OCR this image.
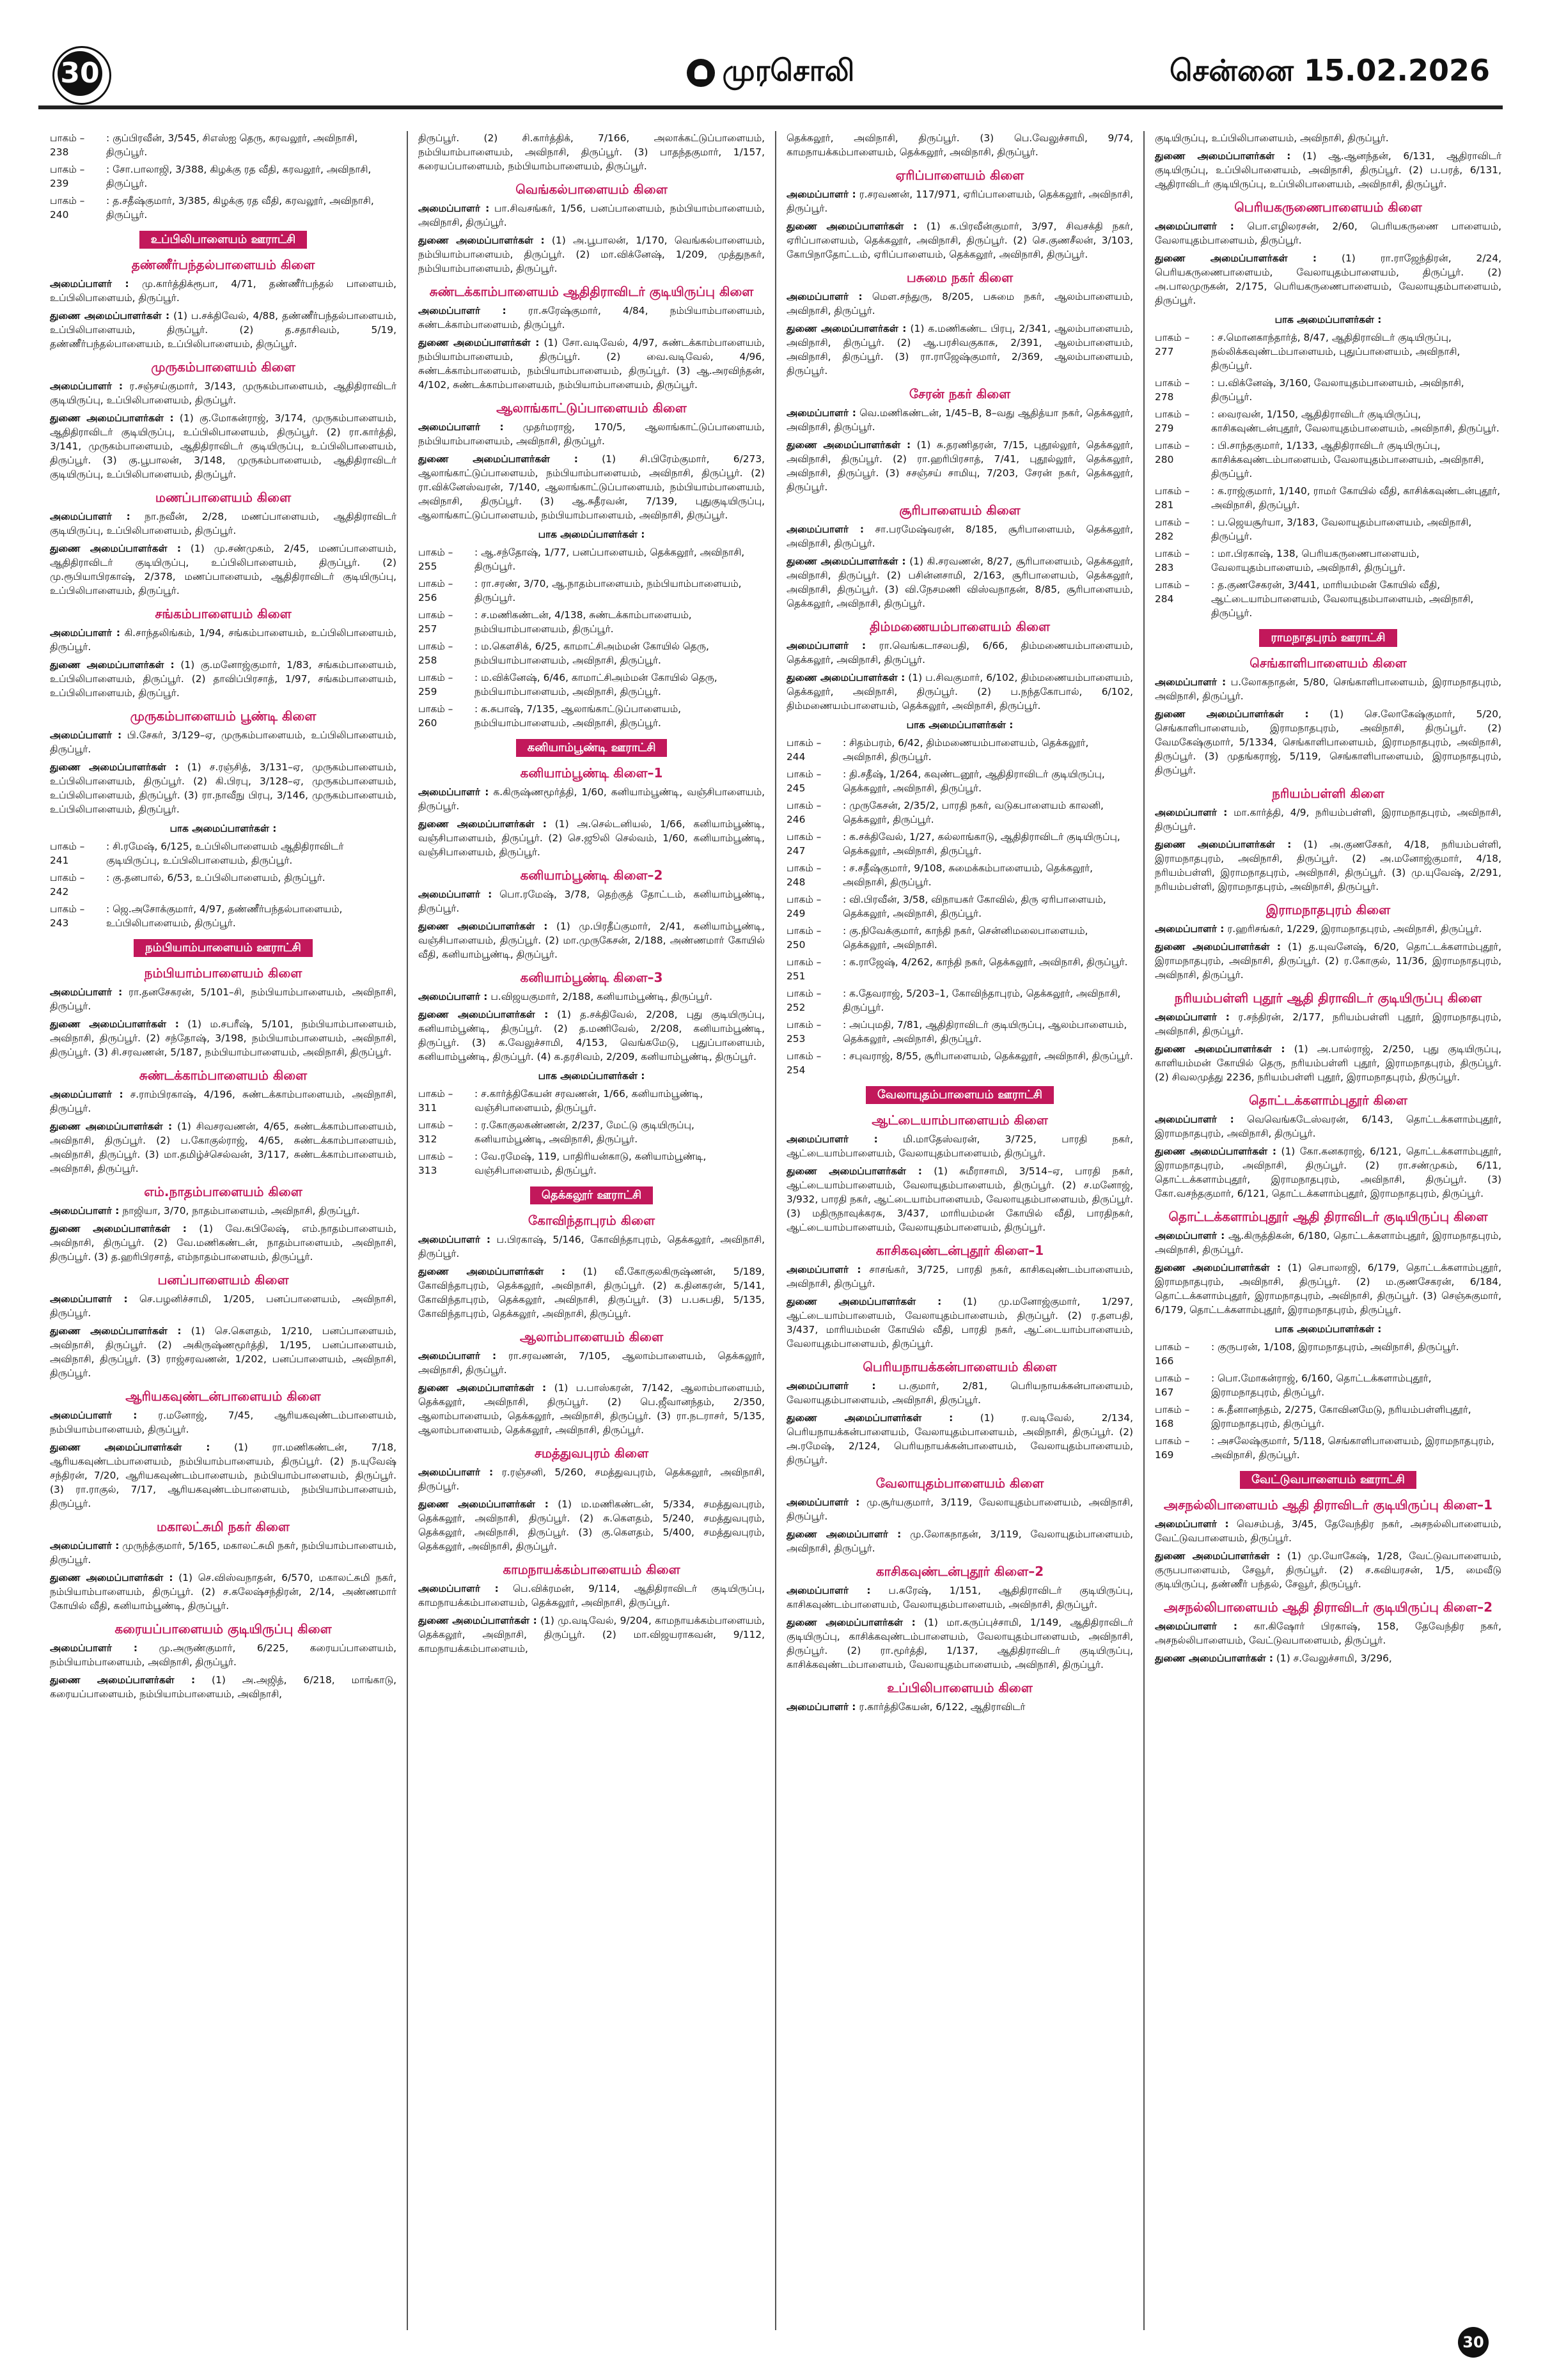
30	முரசொலி	சென்னை 15.02.2026
பாகம் – 238
: குப்பிரவீன், 3/545, சிஎஸ்ஐ தெரு, கரவலூர், அவிநாசி, திருப்பூர்.
பாகம் – 239
: சோ.பாலாஜி, 3/388, கிழக்கு ரத வீதி, கரவலூர், அவிநாசி, திருப்பூர்.
பாகம் – 240
: த.சதீஷ்குமார், 3/385, கிழக்கு ரத வீதி, கரவலூர், அவிநாசி, திருப்பூர்.
உப்பிலிபாளையம் ஊராட்சி
தண்ணீர்பந்தல்பாளையம் கிளை
அமைப்பாளர் : மு.கார்த்திக்ரூபா, 4/71, தண்ணீர்பந்தல் பாளையம், உப்பிலிபாளையம், திருப்பூர்.
துணை அமைப்பாளர்கள் : (1) ப.சக்திவேல், 4/88, தண்ணீர்பந்தல்பாளையம், உப்பிலிபாளையம், திருப்பூர். (2) த.சதாசிவம், 5/19, தண்ணீர்பந்தல்பாளையம், உப்பிலிபாளையம், திருப்பூர்.
முருகம்பாளையம் கிளை
அமைப்பாளர் : ர.சஞ்சய்குமார், 3/143, முருகம்பாளையம், ஆதிதிராவிடர் குடியிருப்பு, உப்பிலிபாளையம், திருப்பூர்.
துணை அமைப்பாளர்கள் : (1) கு.மோகன்ராஜ், 3/174, முருகம்பாளையம், ஆதிதிராவிடர் குடியிருப்பு, உப்பிலிபாளையம், திருப்பூர். (2) ரா.கார்த்தி, 3/141, முருகம்பாளையம், ஆதிதிராவிடர் குடியிருப்பு, உப்பிலிபாளையம், திருப்பூர். (3) கு.பூபாலன், 3/148, முருகம்பாளையம், ஆதிதிராவிடர் குடியிருப்பு, உப்பிலிபாளையம், திருப்பூர்.
மணப்பாளையம் கிளை
அமைப்பாளர் : நா.நவீன், 2/28, மணப்பாளையம், ஆதிதிராவிடர் குடியிருப்பு, உப்பிலிபாளையம், திருப்பூர்.
துணை அமைப்பாளர்கள் : (1) மு.சண்முகம், 2/45, மணப்பாளையம், ஆதிதிராவிடர் குடியிருப்பு, உப்பிலிபாளையம், திருப்பூர். (2) மு.ரூபியாபிரகாஷ், 2/378, மணப்பாளையம், ஆதிதிராவிடர் குடியிருப்பு, உப்பிலிபாளையம், திருப்பூர்.
சங்கம்பாளையம் கிளை
அமைப்பாளர் : கி.சாந்தலிங்கம், 1/94, சங்கம்பாளையம், உப்பிலிபாளையம், திருப்பூர்.
துணை அமைப்பாளர்கள் : (1) கு.மனோஜ்குமார், 1/83, சங்கம்பாளையம், உப்பிலிபாளையம், திருப்பூர். (2) தாவிப்பிரசாத், 1/97, சங்கம்பாளையம், உப்பிலிபாளையம், திருப்பூர்.
முருகம்பாளையம் பூண்டி கிளை
அமைப்பாளர் : பி.சேகர், 3/129–ஏ, முருகம்பாளையம், உப்பிலிபாளையம், திருப்பூர்.
துணை அமைப்பாளர்கள் : (1) ச.ரஞ்சித், 3/131–ஏ, முருகம்பாளையம், உப்பிலிபாளையம், திருப்பூர். (2) கி.பிரபு, 3/128–ஏ, முருகம்பாளையம், உப்பிலிபாளையம், திருப்பூர். (3) ரா.நாவீநு பிரபு, 3/146, முருகம்பாளையம், உப்பிலிபாளையம், திருப்பூர்.
பாக அமைப்பாளர்கள் :
பாகம் – 241
: சி.ரமேஷ், 6/125, உப்பிலிபாளையம் ஆதிதிராவிடர் குடியிருப்பு, உப்பிலிபாளையம், திருப்பூர்.
பாகம் – 242
: கு.தனபால், 6/53, உப்பிலிபாளையம், திருப்பூர்.
பாகம் – 243
: ஜெ.அசோக்குமார், 4/97, தண்ணீர்பந்தல்பாளையம், உப்பிலிபாளையம், திருப்பூர்.
நம்பியாம்பாளையம் ஊராட்சி
நம்பியாம்பாளையம் கிளை
அமைப்பாளர் : ரா.தனசேகரன், 5/101–சி, நம்பியாம்பாளையம், அவிநாசி, திருப்பூர்.
துணை அமைப்பாளர்கள் : (1) ம.சபரீஷ், 5/101, நம்பியாம்பாளையம், அவிநாசி, திருப்பூர். (2) சந்தோஷ், 3/198, நம்பியாம்பாளையம், அவிநாசி, திருப்பூர். (3) சி.சரவணன், 5/187, நம்பியாம்பாளையம், அவிநாசி, திருப்பூர்.
சுண்டக்காம்பாளையம் கிளை
அமைப்பாளர் : ச.ராம்பிரகாஷ், 4/196, சுண்டக்காம்பாளையம், அவிநாசி, திருப்பூர்.
துணை அமைப்பாளர்கள் : (1) சிவசரவணன், 4/65, சுண்டக்காம்பாளையம், அவிநாசி, திருப்பூர். (2) ப.கோகுல்ராஜ், 4/65, சுண்டக்காம்பாளையம், அவிநாசி, திருப்பூர். (3) மா.தமிழ்ச்செல்வன், 3/117, சுண்டக்காம்பாளையம், அவிநாசி, திருப்பூர்.
எம்.நாதம்பாளையம் கிளை
அமைப்பாளர் : நாஜியா, 3/70, நாதம்பாளையம், அவிநாசி, திருப்பூர்.
துணை அமைப்பாளர்கள் : (1) வே.கபிலேஷ், எம்.நாதம்பாளையம், அவிநாசி, திருப்பூர். (2) வே.மணிகண்டன், நாதம்பாளையம், அவிநாசி, திருப்பூர். (3) த.ஹரிபிரசாத், எம்நாதம்பாளையம், திருப்பூர்.
பனப்பாளையம் கிளை
அமைப்பாளர் : செ.பழனிச்சாமி, 1/205, பனப்பாளையம், அவிநாசி, திருப்பூர்.
துணை அமைப்பாளர்கள் : (1) செ.கௌதம், 1/210, பனப்பாளையம், அவிநாசி, திருப்பூர். (2) அகிருஷ்ணமூர்த்தி, 1/195, பனப்பாளையம், அவிநாசி, திருப்பூர். (3) ராஜ்சரவணன், 1/202, பனப்பாளையம், அவிநாசி, திருப்பூர்.
ஆரியகவுண்டன்பாளையம் கிளை
அமைப்பாளர் : ர.மனோஜ், 7/45, ஆரியகவுண்டம்பாளையம், நம்பியாம்பாளையம், திருப்பூர்.
துணை அமைப்பாளர்கள் : (1) ரா.மணிகண்டன், 7/18, ஆரியகவுண்டம்பாளையம், நம்பியாம்பாளையம், திருப்பூர். (2) ந.யுவேஷ் சந்திரன், 7/20, ஆரியகவுண்டம்பாளையம், நம்பியாம்பாளையம், திருப்பூர். (3) ரா.ராகுல், 7/17, ஆரியகவுண்டம்பாளையம், நம்பியாம்பாளையம், திருப்பூர்.
மகாலட்சுமி நகர் கிளை
அமைப்பாளர் : முருந்த்குமார், 5/165, மகாலட்சுமி நகர், நம்பியாம்பாளையம், திருப்பூர்.
துணை அமைப்பாளர்கள் : (1) செ.விஸ்வநாதன், 6/570, மகாலட்சுமி நகர், நம்பியாம்பாளையம், திருப்பூர். (2) ச.கலேஷ்சந்திரன், 2/14, அண்ணமார் கோயில் வீதி, கனியாம்பூண்டி, திருப்பூர்.
கரையப்பாளையம் குடியிருப்பு கிளை
அமைப்பாளர் : மு.அருண்குமார், 6/225, கரையப்பாளையம், நம்பியாம்பாளையம், அவிநாசி, திருப்பூர்.
துணை அமைப்பாளர்கள் : (1) அ.அஜித், 6/218, மாங்காடு, கரையப்பாளையம், நம்பியாம்பாளையம், அவிநாசி,
திருப்பூர். (2) சி.கார்த்திக், 7/166, அலாக்கட்டுப்பாளையம், நம்பியாம்பாளையம், அவிநாசி, திருப்பூர். (3) பாதந்தகுமார், 1/157, கரையப்பாளையம், நம்பியாம்பாளையம், திருப்பூர்.
வெங்கல்பாளையம் கிளை
அமைப்பாளர் : பா.சிவசங்கர், 1/56, பனப்பாளையம், நம்பியாம்பாளையம், அவிநாசி, திருப்பூர்.
துணை அமைப்பாளர்கள் : (1) அ.பூபாலன், 1/170, வெங்கல்பாளையம், நம்பியாம்பாளையம், திருப்பூர். (2) மா.விக்னேஷ், 1/209, முத்துநகர், நம்பியாம்பாளையம், திருப்பூர்.
சுண்டக்காம்பாளையம் ஆதிதிராவிடர் குடியிருப்பு கிளை
அமைப்பாளர் : ரா.சுரேஷ்குமார், 4/84, நம்பியாம்பாளையம், சுண்டக்காம்பாளையம், திருப்பூர்.
துணை அமைப்பாளர்கள் : (1) சோ.வடிவேல், 4/97, சுண்டக்காம்பாளையம், நம்பியாம்பாளையம், திருப்பூர். (2) வை.வடிவேல், 4/96, சுண்டக்காம்பாளையம், நம்பியாம்பாளையம், திருப்பூர். (3) ஆ.அரவிந்தன், 4/102, சுண்டக்காம்பாளையம், நம்பியாம்பாளையம், திருப்பூர்.
ஆலாங்காட்டுப்பாளையம் கிளை
அமைப்பாளர் : முதர்மராஜ், 170/5, ஆலாங்காட்டுப்பாளையம், நம்பியாம்பாளையம், அவிநாசி, திருப்பூர்.
துணை அமைப்பாளர்கள் : (1) சி.பிரேம்குமார், 6/273, ஆலாங்காட்டுப்பாளையம், நம்பியாம்பாளையம், அவிநாசி, திருப்பூர். (2) ரா.விக்னேஸ்வரன், 7/140, ஆலாங்காட்டுப்பாளையம், நம்பியாம்பாளையம், அவிநாசி, திருப்பூர். (3) ஆ.சுதீரவன், 7/139, புதுகுடியிருப்பு, ஆலாங்காட்டுப்பாளையம், நம்பியாம்பாளையம், அவிநாசி, திருப்பூர்.
பாக அமைப்பாளர்கள் :
பாகம் – 255
: ஆ.சந்தோஷ், 1/77, பனப்பாளையம், தெக்கலூர், அவிநாசி, திருப்பூர்.
பாகம் – 256
: ரா.சரண், 3/70, ஆ.நாதம்பாளையம், நம்பியாம்பாளையம், திருப்பூர்.
பாகம் – 257
: ச.மணிகண்டன், 4/138, சுண்டக்காம்பாளையம், நம்பியாம்பாளையம், திருப்பூர்.
பாகம் – 258
: ம.கௌசிக், 6/25, காமாட்சிஅம்மன் கோயில் தெரு, நம்பியாம்பாளையம், அவிநாசி, திருப்பூர்.
பாகம் – 259
: ம.விக்னேஷ், 6/46, காமாட்சிஅம்மன் கோயில் தெரு, நம்பியாம்பாளையம், அவிநாசி, திருப்பூர்.
பாகம் – 260
: க.சுபாஷ், 7/135, ஆலாங்காட்டுப்பாளையம், நம்பியாம்பாளையம், அவிநாசி, திருப்பூர்.
கனியாம்பூண்டி ஊராட்சி
கனியாம்பூண்டி கிளை–1
அமைப்பாளர் : க.கிருஷ்ணமூர்த்தி, 1/60, கனியாம்பூண்டி, வஞ்சிபாளையம், திருப்பூர்.
துணை அமைப்பாளர்கள் : (1) அ.செல்டனியல், 1/66, கனியாம்பூண்டி, வஞ்சிபாளையம், திருப்பூர். (2) செ.ஜூலி செல்வம், 1/60, கனியாம்பூண்டி, வஞ்சிபாளையம், திருப்பூர்.
கனியாம்பூண்டி கிளை–2
அமைப்பாளர் : பொ.ரமேஷ், 3/78, தெற்குத் தோட்டம், கனியாம்பூண்டி, திருப்பூர்.
துணை அமைப்பாளர்கள் : (1) மு.பிரதீப்குமார், 2/41, கனியாம்பூண்டி, வஞ்சிபாளையம், திருப்பூர். (2) மா.முருகேசன், 2/188, அண்ணமார் கோயில் வீதி, கனியாம்பூண்டி, திருப்பூர்.
கனியாம்பூண்டி கிளை–3
அமைப்பாளர் : ப.விஜயகுமார், 2/188, கனியாம்பூண்டி, திருப்பூர்.
துணை அமைப்பாளர்கள் : (1) த.சக்திவேல், 2/208, புது குடியிருப்பு, கனியாம்பூண்டி, திருப்பூர். (2) த.மணிவேல், 2/208, கனியாம்பூண்டி, திருப்பூர். (3) க.வேலுச்சாமி, 4/153, வெங்கமேடு, புதுப்பாளையம், கனியாம்பூண்டி, திருப்பூர். (4) க.தரசிவம், 2/209, கனியாம்பூண்டி, திருப்பூர்.
பாக அமைப்பாளர்கள் :
பாகம் – 311
: ச.கார்த்திகேயன் சரவணன், 1/66, கனியாம்பூண்டி, வஞ்சிபாளையம், திருப்பூர்.
பாகம் – 312
: ர.கோகுலகண்ணன், 2/237, மேட்டு குடியிருப்பு, கனியாம்பூண்டி, அவிநாசி, திருப்பூர்.
பாகம் – 313
: வே.ரமேஷ், 119, பாதிரியன்காடு, கனியாம்பூண்டி, வஞ்சிபாளையம், திருப்பூர்.
தெக்கலூர் ஊராட்சி
கோவிந்தாபுரம் கிளை
அமைப்பாளர் : ப.பிரகாஷ், 5/146, கோவிந்தாபுரம், தெக்கலூர், அவிநாசி, திருப்பூர்.
துணை அமைப்பாளர்கள் : (1) வீ.கோகுலகிருஷ்ணன், 5/189, கோவிந்தாபுரம், தெக்கலூர், அவிநாசி, திருப்பூர். (2) க.தினகரன், 5/141, கோவிந்தாபுரம், தெக்கலூர், அவிநாசி, திருப்பூர். (3) ப.பசுபதி, 5/135, கோவிந்தாபுரம், தெக்கலூர், அவிநாசி, திருப்பூர்.
ஆலாம்பாளையம் கிளை
அமைப்பாளர் : ரா.சரவணன், 7/105, ஆலாம்பாளையம், தெக்கலூர், அவிநாசி, திருப்பூர்.
துணை அமைப்பாளர்கள் : (1) ப.பாஸ்கரன், 7/142, ஆலாம்பாளையம், தெக்கலூர், அவிநாசி, திருப்பூர். (2) பெ.ஜீவானந்தம், 2/350, ஆலாம்பாளையம், தெக்கலூர், அவிநாசி, திருப்பூர். (3) ரா.நடராசர், 5/135, ஆலாம்பாளையம், தெக்கலூர், அவிநாசி, திருப்பூர்.
சமத்துவபுரம் கிளை
அமைப்பாளர் : ர.ரஞ்சனி, 5/260, சமத்துவபுரம், தெக்கலூர், அவிநாசி, திருப்பூர்.
துணை அமைப்பாளர்கள் : (1) ம.மணிகண்டன், 5/334, சமத்துவபுரம், தெக்கலூர், அவிநாசி, திருப்பூர். (2) சு.கௌதம், 5/240, சமத்துவபுரம், தெக்கலூர், அவிநாசி, திருப்பூர். (3) கு.கௌதம், 5/400, சமத்துவபுரம், தெக்கலூர், அவிநாசி, திருப்பூர்.
காமநாயக்கம்பாளையம் கிளை
அமைப்பாளர் : பெ.விக்ரமன், 9/114, ஆதிதிராவிடர் குடியிருப்பு, காமநாயக்கம்பாளையம், தெக்கலூர், அவிநாசி, திருப்பூர்.
துணை அமைப்பாளர்கள் : (1) மு.வடிவேல், 9/204, காமநாயக்கம்பாளையம், தெக்கலூர், அவிநாசி, திருப்பூர். (2) மா.விஜயராகவன், 9/112, காமநாயக்கம்பாளையம்,
தெக்கலூர், அவிநாசி, திருப்பூர். (3) பெ.வேலுச்சாமி, 9/74, காமநாயக்கம்பாளையம், தெக்கலூர், அவிநாசி, திருப்பூர்.
ஏரிப்பாளையம் கிளை
அமைப்பாளர் : ர.சரவணன், 117/971, ஏரிப்பாளையம், தெக்கலூர், அவிநாசி, திருப்பூர்.
துணை அமைப்பாளர்கள் : (1) க.பிரவீன்குமார், 3/97, சிவசக்தி நகர், ஏரிப்பாளையம், தெக்கலூர், அவிநாசி, திருப்பூர். (2) செ.குணசீலன், 3/103, கோபிநாதோட்டம், ஏரிப்பாளையம், தெக்கலூர், அவிநாசி, திருப்பூர்.
பசுமை நகர் கிளை
அமைப்பாளர் : மௌ.சந்துரு, 8/205, பசுமை நகர், ஆலம்பாளையம், அவிநாசி, திருப்பூர்.
துணை அமைப்பாளர்கள் : (1) க.மணிகண்ட பிரபு, 2/341, ஆலம்பாளையம், அவிநாசி, திருப்பூர். (2) ஆ.பரசிவகுகாசு, 2/391, ஆலம்பாளையம், அவிநாசி, திருப்பூர். (3) ரா.ராஜேஷ்குமார், 2/369, ஆலம்பாளையம், திருப்பூர்.
சேரன் நகர் கிளை
அமைப்பாளர் : வெ.மணிகண்டன், 1/45–B, 8–வது ஆதித்யா நகர், தெக்கலூர், அவிநாசி, திருப்பூர்.
துணை அமைப்பாளர்கள் : (1) சு.தரணிதரன், 7/15, புதூல்லூர், தெக்கலூர், அவிநாசி, திருப்பூர். (2) ரா.ஹரிபிரசாத், 7/41, புதூல்லூர், தெக்கலூர், அவிநாசி, திருப்பூர். (3) சசஞ்சய் சாமியு, 7/203, சேரன் நகர், தெக்கலூர், திருப்பூர்.
சூரிபாளையம் கிளை
அமைப்பாளர் : சா.பரமேஷ்வரன், 8/185, சூரிபாளையம், தெக்கலூர், அவிநாசி, திருப்பூர்.
துணை அமைப்பாளர்கள் : (1) கி.சரவணன், 8/27, சூரிபாளையம், தெக்கலூர், அவிநாசி, திருப்பூர். (2) பசின்னசாமி, 2/163, சூரிபாளையம், தெக்கலூர், அவிநாசி, திருப்பூர். (3) வி.நேசமணி விஸ்வநாதன், 8/85, சூரிபாளையம், தெக்கலூர், அவிநாசி, திருப்பூர்.
திம்மணையம்பாளையம் கிளை
அமைப்பாளர் : ரா.வெங்கடாசலபதி, 6/66, திம்மணையம்பாளையம், தெக்கலூர், அவிநாசி, திருப்பூர்.
துணை அமைப்பாளர்கள் : (1) ப.சிவகுமார், 6/102, திம்மணையம்பாளையம், தெக்கலூர், அவிநாசி, திருப்பூர். (2) ப.நந்தகோபால், 6/102, திம்மணையம்பாளையம், தெக்கலூர், அவிநாசி, திருப்பூர்.
பாக அமைப்பாளர்கள் :
பாகம் – 244
: சிதம்பரம், 6/42, திம்மணையம்பாளையம், தெக்கலூர், அவிநாசி, திருப்பூர்.
பாகம் – 245
: தி.சதீஷ், 1/264, கவுண்டனூர், ஆதிதிராவிடர் குடியிருப்பு, தெக்கலூர், அவிநாசி, திருப்பூர்.
பாகம் – 246
: முருகேசன், 2/35/2, பாரதி நகர், வடுகபாளையம் காலனி, தெக்கலூர், திருப்பூர்.
பாகம் – 247
: க.சக்திவேல், 1/27, கல்லாங்காடு, ஆதிதிராவிடர் குடியிருப்பு, தெக்கலூர், அவிநாசி, திருப்பூர்.
பாகம் – 248
: ச.சதீஷ்குமார், 9/108, சுமைக்கம்பாளையம், தெக்கலூர், அவிநாசி, திருப்பூர்.
பாகம் – 249
: வி.பிரவீன், 3/58, விநாயகர் கோவில், திரு ஏரிபாளையம், தெக்கலூர், அவிநாசி, திருப்பூர்.
பாகம் – 250
: கு.நிவேக்குமார், காந்தி நகர், சென்னிமலைபாளையம், தெக்கலூர், அவிநாசி.
பாகம் – 251
: க.ராஜேஷ், 4/262, காந்தி நகர், தெக்கலூர், அவிநாசி, திருப்பூர்.
பாகம் – 252
: க.தேவராஜ், 5/203–1, கோவிந்தாபுரம், தெக்கலூர், அவிநாசி, திருப்பூர்.
பாகம் – 253
: அப்புமதி, 7/81, ஆதிதிராவிடர் குடியிருப்பு, ஆலம்பாளையம், தெக்கலூர், அவிநாசி, திருப்பூர்.
பாகம் – 254
: சபுவராஜ், 8/55, சூரிபாளையம், தெக்கலூர், அவிநாசி, திருப்பூர்.
வேலாயுதம்பாளையம் ஊராட்சி
ஆட்டையாம்பாளையம் கிளை
அமைப்பாளர் : மி.மாதேஸ்வரன், 3/725, பாரதி நகர், ஆட்டையாம்பாளையம், வேலாயுதம்பாளையம், திருப்பூர்.
துணை அமைப்பாளர்கள் : (1) சுமீராசாமி, 3/514–ஏ, பாரதி நகர், ஆட்டையாம்பாளையம், வேலாயுதம்பாளையம், திருப்பூர். (2) ச.மனோஜ், 3/932, பாரதி நகர், ஆட்டையாம்பாளையம், வேலாயுதம்பாளையம், திருப்பூர். (3) மதிருநாவுக்கரசு, 3/437, மாரியம்மன் கோயில் வீதி, பாரதிநகர், ஆட்டையாம்பாளையம், வேலாயுதம்பாளையம், திருப்பூர்.
காசிகவுண்டன்புதூர் கிளை–1
அமைப்பாளர் : சாசங்கர், 3/725, பாரதி நகர், காசிகவுண்டம்பாளையம், அவிநாசி, திருப்பூர்.
துணை அமைப்பாளர்கள் : (1) மு.மனோஜ்குமார், 1/297, ஆட்டையாம்பாளையம், வேலாயுதம்பாளையம், திருப்பூர். (2) ர.தளபதி, 3/437, மாரியம்மன் கோயில் வீதி, பாரதி நகர், ஆட்டையாம்பாளையம், வேலாயுதம்பாளையம், திருப்பூர்.
பெரியநாயக்கன்பாளையம் கிளை
அமைப்பாளர் : ப.குமார், 2/81, பெரியநாயக்கன்பாளையம், வேலாயுதம்பாளையம், அவிநாசி, திருப்பூர்.
துணை அமைப்பாளர்கள் : (1) ர.வடிவேல், 2/134, பெரியநாயக்கன்பாளையம், வேலாயுதம்பாளையம், அவிநாசி, திருப்பூர். (2) அ.ரமேஷ், 2/124, பெரியநாயக்கன்பாளையம், வேலாயுதம்பாளையம், திருப்பூர்.
வேலாயுதம்பாளையம் கிளை
அமைப்பாளர் : மு.சூர்யகுமார், 3/119, வேலாயுதம்பாளையம், அவிநாசி, திருப்பூர்.
துணை அமைப்பாளர் : மு.லோகநாதன், 3/119, வேலாயுதம்பாளையம், அவிநாசி, திருப்பூர்.
காசிகவுண்டன்புதூர் கிளை–2
அமைப்பாளர் : ப.சுரேஷ், 1/151, ஆதிதிராவிடர் குடியிருப்பு, காசிகவுண்டம்பாளையம், வேலாயுதம்பாளையம், அவிநாசி, திருப்பூர்.
துணை அமைப்பாளர்கள் : (1) மா.கருப்புச்சாமி, 1/149, ஆதிதிராவிடர் குடியிருப்பு, காசிக்கவுண்டம்பாளையம், வேலாயுதம்பாளையம், அவிநாசி, திருப்பூர். (2) ரா.மூர்த்தி, 1/137, ஆதிதிராவிடர் குடியிருப்பு, காசிக்கவுண்டம்பாளையம், வேலாயுதம்பாளையம், அவிநாசி, திருப்பூர்.
உப்பிலிபாளையம் கிளை
அமைப்பாளர் : ர.கார்த்திகேயன், 6/122, ஆதிராவிடர்
குடியிருப்பு, உப்பிலிபாளையம், அவிநாசி, திருப்பூர்.
துணை அமைப்பாளர்கள் : (1) ஆ.ஆனந்தன், 6/131, ஆதிராவிடர் குடியிருப்பு, உப்பிலிபாளையம், அவிநாசி, திருப்பூர். (2) ப.பரத், 6/131, ஆதிராவிடர் குடியிருப்பு, உப்பிலிபாளையம், அவிநாசி, திருப்பூர்.
பெரியகருணைபாளையம் கிளை
அமைப்பாளர் : பொ.எழிலரசன், 2/60, பெரியகருணை பாளையம், வேலாயுதம்பாளையம், திருப்பூர்.
துணை அமைப்பாளர்கள் : (1) ரா.ராஜேந்திரன், 2/24, பெரியகருணைபாளையம், வேலாயுதம்பாளையம், திருப்பூர். (2) அ.பாலமுருகன், 2/175, பெரியகருணைபாளையம், வேலாயுதம்பாளையம், திருப்பூர்.
பாக அமைப்பாளர்கள் :
பாகம் – 277
: ச.மொனகாந்தார்த், 8/47, ஆதிதிராவிடர் குடியிருப்பு, நல்லிக்கவுண்டம்பாளையம், புதுப்பாளையம், அவிநாசி, திருப்பூர்.
பாகம் – 278
: ப.விக்னேஷ், 3/160, வேலாயுதம்பாளையம், அவிநாசி, திருப்பூர்.
பாகம் – 279
: வைரவன், 1/150, ஆதிதிராவிடர் குடியிருப்பு, காசிகவுண்டன்புதூர், வேலாயுதம்பாளையம், அவிநாசி, திருப்பூர்.
பாகம் – 280
: பி.சாந்தகுமார், 1/133, ஆதிதிராவிடர் குடியிருப்பு, காசிக்கவுண்டம்பாளையம், வேலாயுதம்பாளையம், அவிநாசி, திருப்பூர்.
பாகம் – 281
: க.ராஜ்குமார், 1/140, ராமர் கோயில் வீதி, காசிக்கவுண்டன்புதூர், அவிநாசி, திருப்பூர்.
பாகம் – 282
: ப.ஜெயசூர்யா, 3/183, வேலாயுதம்பாளையம், அவிநாசி, திருப்பூர்.
பாகம் – 283
: மா.பிரகாஷ், 138, பெரியகருணைபாளையம், வேலாயுதம்பாளையம், அவிநாசி, திருப்பூர்.
பாகம் – 284
: த.குணசேகரன், 3/441, மாரியம்மன் கோயில் வீதி, ஆட்டையாம்பாளையம், வேலாயுதம்பாளையம், அவிநாசி, திருப்பூர்.
ராமநாதபுரம் ஊராட்சி
செங்காளிபாளையம் கிளை
அமைப்பாளர் : ப.லோகநாதன், 5/80, செங்காளிபாளையம், இராமநாதபுரம், அவிநாசி, திருப்பூர்.
துணை அமைப்பாளர்கள் : (1) செ.லோகேஷ்குமார், 5/20, செங்காளிபாளையம், இராமநாதபுரம், அவிநாசி, திருப்பூர். (2) வேமகேஷ்குமார், 5/1334, செங்காளிபாளையம், இராமநாதபுரம், அவிநாசி, திருப்பூர். (3) முதங்கராஜ், 5/119, செங்காளிபாளையம், இராமநாதபுரம், திருப்பூர்.
நரியம்பள்ளி கிளை
அமைப்பாளர் : மா.கார்த்தி, 4/9, நரியம்பள்ளி, இராமநாதபுரம், அவிநாசி, திருப்பூர்.
துணை அமைப்பாளர்கள் : (1) அ.குணசேகர், 4/18, நரியம்பள்ளி, இராமநாதபுரம், அவிநாசி, திருப்பூர். (2) அ.மனோஜ்குமார், 4/18, நரியம்பள்ளி, இராமநாதபுரம், அவிநாசி, திருப்பூர். (3) மு.யுவேஷ், 2/291, நரியம்பள்ளி, இராமநாதபுரம், அவிநாசி, திருப்பூர்.
இராமநாதபுரம் கிளை
அமைப்பாளர் : ர.ஹரிசங்கர், 1/229, இராமநாதபுரம், அவிநாசி, திருப்பூர்.
துணை அமைப்பாளர்கள் : (1) த.யுவனேஷ், 6/20, தொட்டக்களாம்புதூர், இராமநாதபுரம், அவிநாசி, திருப்பூர். (2) ர.கோகுல், 11/36, இராமநாதபுரம், அவிநாசி, திருப்பூர்.
நரியம்பள்ளி புதூர் ஆதி திராவிடர் குடியிருப்பு கிளை
அமைப்பாளர் : ர.சந்திரன், 2/177, நரியம்பள்ளி புதூர், இராமநாதபுரம், அவிநாசி, திருப்பூர்.
துணை அமைப்பாளர்கள் : (1) அ.பால்ராஜ், 2/250, புது குடியிருப்பு, காளியம்மன் கோயில் தெரு, நரியம்பள்ளி புதூர், இராமநாதபுரம், திருப்பூர். (2) சிவலமுத்து 2236, நரியம்பள்ளி புதூர், இராமநாதபுரம், திருப்பூர்.
தொட்டக்களாம்புதூர் கிளை
அமைப்பாளர் : வெவெங்கடேஸ்வரன், 6/143, தொட்டக்களாம்புதூர், இராமநாதபுரம், அவிநாசி, திருப்பூர்.
துணை அமைப்பாளர்கள் : (1) கோ.கனகராஜ், 6/121, தொட்டக்களாம்புதூர், இராமநாதபுரம், அவிநாசி, திருப்பூர். (2) ரா.சண்முகம், 6/11, தொட்டக்களாம்புதூர், இராமநாதபுரம், அவிநாசி, திருப்பூர். (3) கோ.வசந்தகுமார், 6/121, தொட்டக்களாம்புதூர், இராமநாதபுரம், திருப்பூர்.
தொட்டக்களாம்புதூர் ஆதி திராவிடர் குடியிருப்பு கிளை
அமைப்பாளர் : ஆ.கிருத்திகன், 6/180, தொட்டக்களாம்புதூர், இராமநாதபுரம், அவிநாசி, திருப்பூர்.
துணை அமைப்பாளர்கள் : (1) செபாலாஜி, 6/179, தொட்டக்களாம்புதூர், இராமநாதபுரம், அவிநாசி, திருப்பூர். (2) ம.குணசேகரன், 6/184, தொட்டக்களாம்புதூர், இராமநாதபுரம், அவிநாசி, திருப்பூர். (3) செஞ்சுகுமார், 6/179, தொட்டக்களாம்புதூர், இராமநாதபுரம், திருப்பூர்.
பாக அமைப்பாளர்கள் :
பாகம் – 166
: குருபரன், 1/108, இராமநாதபுரம், அவிநாசி, திருப்பூர்.
பாகம் – 167
: பொ.மோகன்ராஜ், 6/160, தொட்டக்களாம்புதூர், இராமநாதபுரம், திருப்பூர்.
பாகம் – 168
: சு.தீனானந்தம், 2/275, கோவினமேடு, நரியம்பள்ளிபுதூர், இராமநாதபுரம், திருப்பூர்.
பாகம் – 169
: அசலேஷ்குமார், 5/118, செங்காளிபாளையம், இராமநாதபுரம், அவிநாசி, திருப்பூர்.
வேட்டுவபாளையம் ஊராட்சி
அசநல்லிபாளையம் ஆதி திராவிடர் குடியிருப்பு கிளை–1
அமைப்பாளர் : வெசம்பத், 3/45, தேவேந்திர நகர், அசநல்லிபாளையம், வேட்டுவபாளையம், திருப்பூர்.
துணை அமைப்பாளர்கள் : (1) மு.யோகேஷ், 1/28, வேட்டுவபாளையம், குருபபாளையம், சேவூர், திருப்பூர். (2) ச.கவியரசன், 1/5, மைவீடு குடியிருப்பு, தண்ணீர் பந்தல், சேவூர், திருப்பூர்.
அசநல்லிபாளையம் ஆதி திராவிடர் குடியிருப்பு கிளை–2
அமைப்பாளர் : கா.கிஷோர் பிரகாஷ், 158, தேவேந்திர நகர், அசநல்லிபாளையம், வேட்டுவபாளையம், திருப்பூர்.
துணை அமைப்பாளர்கள் : (1) ச.வேலுச்சாமி, 3/296,
30
